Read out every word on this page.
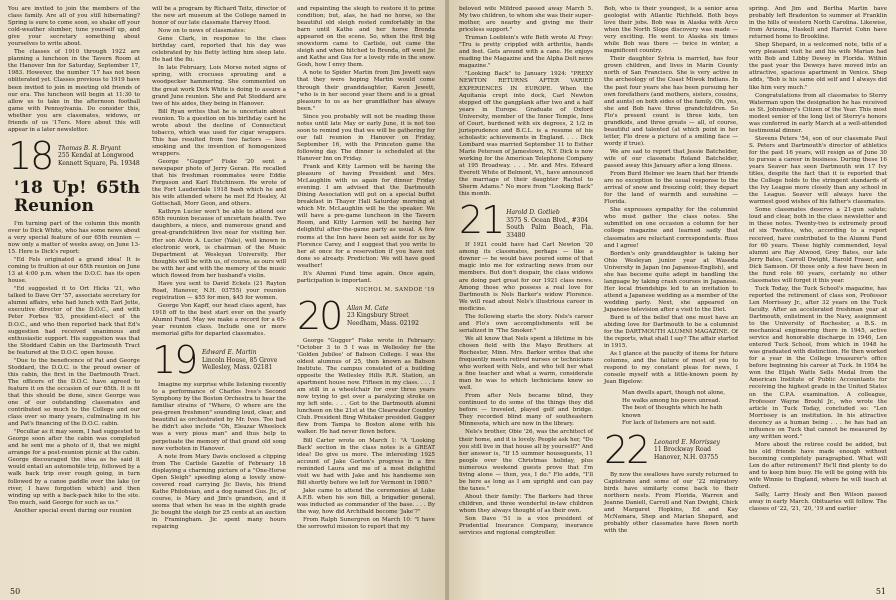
You are invited to join the members of the class family. Are all of you still hibernating? Spring is sure to come soon, so shake off your cold-weather slumber, tune yourself up, and give your secretary something about yourselves to write about.

The classes of 1910 through 1922 are planning a luncheon in the Tavern Room at the Hanover Inn for Saturday, September 17, 1983. However, the number '17 has not been obliterated yet. Classes previous to 1919 have been invited to join in meeting old friends of our era. The luncheon will begin at 11:30 to allow us to take in the afternoon football game with Pennsylvania. Do consider this, whether you are classmates, widows, or friends of us '17ers. More about this will appear in a later newsletter.

18 Thomas B. R. Bryant
255 Kendal at Longwood
Kennett Square, Pa. 19348
'18 Up! 65th Reunion

I'm turning part of the column this month over to Dick White, who has some news about a very special feature of our 65th reunion — now only a matter of weeks away, on June 13-15. Here is Dick's report:

"Ed Fels originated a grand idea! It is coming to fruition at our 65th reunion on June 13 at 4:00 p.m. when the D.O.C. has its open house.

"Ed suggested it to Ort Hicks '21, who talked to Dave Orr '57, associate secretary for alumni affairs, who had lunch with Earl Jette, executive director of the D.O.C., and with Peter Forbes '83, president-elect of the D.O.C., and who then reported back that Ed's suggestion had received unanimous and enthusiastic support. His suggestion was that the Stoddard Cabin on the Dartmouth Tract be featured at the D.O.C. open house.

"Due to the beneficence of Pat and George Stoddard, the D.O.C. is the proud owner of this cabin, the first in the Dartmouth Tract. The officers of the D.O.C. have agreed to feature it on the occasion of our 65th. It is fit that this should be done, since George was one of our outstanding classmates and contributed so much to the College and our class over so many years, culminating in his and Pat's financing of the D.O.C. cabin.

"Peculiar as it may seem, I had suggested to George soon after the cabin was completed and he sent me a photo of it, that we might arrange for a post-reunion picnic at the cabin. George discouraged the idea as he said it would entail an automobile trip, followed by a walk back trip over rough going, in turn followed by a canoe paddle over the lake (or river, I have forgotten which) and then winding up with a back-pack hike to the site. Too much, said George for such as us."

Another special event during our reunion

will be a program by Richard Teitz, director of the new art museum at the College named in honor of our late classmate Harvey Hood.

Now on to news of classmates:

Gene Clark, in response to the class birthday card, reported that his day was celebrated by his Betty letting him sleep late. He had the flu.

In late February, Lois Morse noted signs of spring, with crocuses sprouting and a woodpecker hammering. She commented on the great work Dick White is doing to assure a grand June reunion. She and Pat Stoddard are two of his aides, they being in Hanover.

Bill Ryan writes that he is uncertain about reunion. To a question on his birthday card he wrote about the decline of Connecticut tobacco, which was used for cigar wrappers. This has resulted from two factors — less smoking and the invention of homogenized wrappers.

George "Gugger" Fiske '20 sent a newspaper photo of Jerry Geran. He recalled that his freshman roommates were Eddie Ferguson and Karl Hutchinson. He wrote of the Fort Lauderdale 1918 bash which he and his wife attended where he met Ed Healey, Al Gottschall, Morr Goon, and others.

Kathryn Lucier won't be able to attend our 65th reunion because of uncertain health. Two daughters, a niece, and numerous grand and great-grandchildren live near for visiting her. Her son Alvin A. Lucier (Yale), well known in electronic work, is chairman of the Music Department at Wesleyan University. Her thoughts will be with us, of course, as ours will be with her and with the memory of the music which flowed from her husband's violin.

Have you sent to David Eckels (21 Rayton Road, Hanover, N.H. 03755) your reunion registration — $55 for men, $45 for women.

George Von Kapff, our head class agent, has 1918 off to the best start ever on the yearly Alumni Fund. May we make a record for a 65-year reunion class. Include one or more memorial gifts for departed classmates.

19 Edward E. Martin
Lincoln House, 85 Grove
Wellesley, Mass. 02181

Imagine my surprise while listening recently to a performance of Charles Ives's Second Symphony by the Boston Orchestra to hear the familiar strains of "Where, O where are the pea-green freshmen" sounding loud, clear, and beautiful as orchestrated by Mr. Ives. Too bad he didn't also include "Oh, Eleazar Wheelock was a very pious man" and thus help to perpetuate the memory of that grand old song now verboten in Hanover.

A note from Mary Davis enclosed a clipping from The Carlisle Gazette of February 18 displaying a charming picture of a "One-Horse Open Sleigh" speeding along a lovely snow-covered road carrying Jic Davis, his friend Kathe Philobsian, and a dog named Gus. Jic, of course, is Mary and Jim's grandson, and it seems that when he was in the eighth grade Jic bought the sleigh for 25 cents at an auction in Framingham. Jic spent many hours repairing

and repainting the sleigh to restore it to prime condition; but, alas, he had no horse, so the beautiful old sleigh rested comfortably in the barn until Kathe and her horse Brenda appeared on the scene. So, when the first big snowstorm came to Carlisle, out came the sleigh and when hitched to Brenda, off went Jic and Kathe and Gus for a lovely ride in the snow. Gosh, how I envy them.

A note to Spider Martin from Jim Jewett says that they were hoping Martin would come through their granddaughter, Karen Jewett, "who is in her second year there and is a great pleasure to us as her grandfather has always been."

Since you probably will not be reading these notes until late May or early June, it is not too soon to remind you that we will be gathering for our fall reunion in Hanover on Friday, September 16, with the Princeton game the following day. The dinner is scheduled at the Hanover Inn on Friday.

Frank and Kitty Larmon will be having the pleasure of having President and Mrs. McLaughlin with us again for dinner Friday evening. I am advised that the Dartmouth Dining Association will put on a special buffet breakfast in Thayer Hall Saturday morning at which Mr. McLaughlin will be the speaker. We will have a pre-game luncheon in the Tavern Room, and Kitty Larmon will be having her delightful after-the-game party as usual. A few rooms at the Inn have been set aside for us by Florence Carey, and I suggest that you write to her at once for a reservation if you have not done so already. Prediction: We will have good weather!

It's Alumni Fund time again. Once again, participation is important.

NICHOL M. SANDOE '19
20 Allan M. Cate
23 Kingsbury Street
Needham, Mass. 02192

George "Gugger" Fiske wrote in February: "October 3 to 5 I was in Wellesley for the 'Golden Jubilee' of Babson College. I was the oldest alumnus of 25, then known as Babson Institute. The campus consisted of a building opposite the Wellesley Hills R.R. Station, an apartment house now. Fifteen in my class. . . . I am still in a wheelchair for over three years now trying to get over a paralyzing stroke on my left side. . . . Got to the Dartmouth alumni luncheon on the 21st at the Clearwater Country Club. President Bing Whitaker presided. Gugger flew from Tampa to Boston alone with his walker. He had never flown before.

Bill Carter wrote on March 1: "A 'Looking Back' section in the class notes is a GREAT idea! Do give us more. The interesting 1925 account of Jake Gorton's progress in a fire reminded Laura and me of a most delightful visit we had with Jake and his handsome son Bill shortly before we left for Vermont in 1980."

Jake came to attend the ceremonies at Luke A.F.B. when his son Bill, a brigadier general, was inducted as commander of the base. . . . By the way, how did Archibald become 'Jake'?"

From Ralph Sunergren on March 10: "I have the sorrowful mission to report that my

50

beloved wife Mildred passed away March 5. My two children, to whom she was their super-mother, are nearby and giving me their priceless support."

Truman Loeblein's wife Beth wrote Al Frey: "Tru is pretty crippled with arthritis, hands and feet. Gets around with a cane. He enjoys reading the Magazine and the Alpha Delt news magazine."

"Looking Back" to January 1924: "PREXY NEWTON RETURNS AFTER VARIED EXPERIENCES IN EUROPE. When the Aquitania crept into dock, Carl Newton stepped off the gangplank after two and a half years in Europe. Graduate of Oxford University, member of the Inner Temple, Inns of Court, burdened with six degrees, 2 1/2 in jurisprudence and B.C.L. is a resume of his scholastic achievements in England. . . . Dick Lombard was married September 11 to Esther Marie Petersen of Jamestown, N.Y. Dick is now working for the American Telephone Company at 195 Broadway. . . . Mr. and Mrs. Edward Everett White of Belmont, Vt., have announced the marriage of their daughter Rachel to Sherm Adams." No more from "Looking Back" this month.

21 Harold D. Gotlieb
3575 S. Ocean Blvd., #304
South Palm Beach, Fla. 33480

If 1921 could have had Carl Newton '20 among its classmates, perhaps — like a downer — he would have poured some of that magic into me for extracting news from our members. But don't despair, the class widows are doing part great for our 1921 class news. Among those who possess a real love for Dartmouth is Nels Barker's widow Florence. We will read about Nels's illustrious career in medicine.

The following starts the story. Nels's career and Flo's own accomplishments will be serialized in "The Smoker."

We all know that Nels spent a lifetime in his chosen field with the Mayo Brothers at Rochester, Minn. Mrs. Barker writes that she frequently meets retired nurses or technicians who worked with Nels, and who tell her what a fine teacher and what a warm, considerate man he was to which technicians knew so well.

From after Nels became blind, they continued to do some of the things they did before — traveled, played golf and bridge. They recorded blind many of southeastern Minnesota, which are now in the library.

Nels's brother, Obie '26, was the architect of their home, and it is lovely. People ask her, "Do you still live in that house all by yourself?" And her answer is, "If 15 summer houseguests, 11 people over the Christmas holiday, plus numerous weekend guests prove that I'm living alone — then, yes, I do." Flo adds, "I'll be here as long as I am upright and can pay the taxes."

About their family: The Barkers had three children, and three wonderful in-law children whom they always thought of as their own.

Son Dave '51 is a vice president of Prudential Insurance Company, insurance services and regional comptroller.

Bob, who is their youngest, is a senior area geologist with Atlantic Richfield. Both boys love their jobs. Bob was in Alaska with Arco when the North Slope discovery was made — very exciting. He went to Alaska six times while Bob was there — twice in winter, a magnificent country.

Their daughter Sylvia is married, has four grown children, and lives in Marin County north of San Francisco. She is very active in the archeology of the Coast Miwok Indians. In the past four years she has been pursuing her own forefathers (and mothers, sisters, cousins, and aunts) on both sides of the family. Oh, yes, she and Bob have three grandchildren. So Flo's present count is three kids, ten grandkids, and three greats — all, of course, beautiful and talented (at which point in her letter, Flo drew a picture of a smiling face — wordy if true).

We are sad to report that Jessie Batchelder, wife of our classmate Roland Batchelder, passed away this January after a long illness.

From Burd Helmer we learn that her friends are no exception to the usual response to the arrival of snow and freezing cold; they depart for the land of warmth and sunshine — Florida.

She expresses sympathy for the columnist who must gather the class notes. She submitted on one occasion a column for her college magazine and learned sadly that classmates are reluctant correspondents. Russ and I agree!

Borden's only granddaughter is taking her Ohio Wesleyan junior year at Waseda University in Japan (no Japanese-English), and she has become quite adept in handling the language by taking crash courses in Japanese. Her local friendships led to an invitation to attend a Japanese wedding as a member of the wedding party. Next, she appeared on Japanese television after a visit to the Diet.

Burd is of the belief that one must have an abiding love for Dartmouth to be a columnist for the DARTMOUTH ALUMNI MAGAZINE. Of the reports, what shall I say? The affair started in 1915.

As I glance at the paucity of items for future columns, and the failure of most of you to respond to my constant pleas for news, I console myself with a little-known poem by Jean Bigelow:

Man dwells apart, though not alone,
He walks among his peers unread.
The best of thoughts which he hath known
For lack of listeners are not said.
22 Leonard E. Morrissey
11 Brockway Road
Hanover, N.H. 03755

By now the swallows have surely returned to Capistrano and some of our '22 migratory birds have similarly come back to their northern nests. From Florida, Warren and Jeanne Daniell, Carroll and Nan Dwight, Chick and Margaret Hopkins, Ed and Kay McNamara, Shep and Marian Shepard, and probably other classmates have flown north with the

spring. And Jim and Bertha Martin have probably left Bradenton to summer at Franklin in the hills of western North Carolina. Likewise, from Arizona, Haskell and Harriet Cohn have returned home to Brookline.

Shep Shepard, in a welcomed note, tells of a very pleasant visit he and his wife Marian had with Bob and Libby Dewey in Florida. Within the past year the Deweys have moved into an attractive, spacious apartment in Venice. Shep adds, "Bob is his same old self and I always did like him very much."

Congratulations from all classmates to Sterry Waterman upon the designation he has received as St. Johnsbury's Citizen of the Year. This most modest senior of the long list of Sterry's honors was conferred in early March at a well-attended testimonial dinner.

Stevens Peters '54, son of our classmate Paul S. Peters and Dartmouth's director of athletics for the past 16 years, will resign as of June 30 to pursue a career in business. During these 16 years Seaver has seen Dartmouth win 17 Ivy titles, despite the fact that it is reported that the College holds to the stringent standards of the Ivy League more closely than any school in the League. Seaver will always have the warmest good wishes of his father's classmates.

Some classmates deserve a 21-gun salute; loud and clear, both in the class newsletter and in these notes. Twenty-two is extremely proud of six Twoites, who, according to a report received, have contributed to the Alumni Fund for 60 years. These highly commended, loyal alumni are Ray Atwood, Grey Bates, our late Jerry Bates, Carroll Dwight, Harold Fraser, and Dick Samson. Of those only a few have been in the fund role 60 years, certainly no other classmates will forget it this year.

Tuck Today, the Tuck School's magazine, has reported the retirement of class son, Professor Len Morrissey Jr., after 32 years on the Tuck faculty. After an accelerated freshman year at Dartmouth, enlistment in the Navy, assignment to the University of Rochester, a B.S. in mechanical engineering there in 1945, active service and honorable discharge in 1946, Len entered Tuck School, from which in 1948 he was graduated with distinction. He then worked for a year in the College treasurer's office before beginning his career at Tuck. In 1954 he won the Elijah Watts Sells Medal from the American Institute of Public Accountants for receiving the highest grade in the United States on the C.P.A. examination. A colleague, Professor Wayne Broehl Jr., who wrote the article in Tuck Today, concluded so: "Len Morrissey is an institution. In his attractive decency as a human being . . . he has had an influence on Tuck that cannot be measured by any written word."

More about the retiree could be added, but his old friends have made enough without becoming completely paragraphed. What will Len do after retirement? He'll find plenty to do and to keep him busy. He will be going with his wife Winnie to England, where he will teach at Oxford.

Sally, Larry Healy and Ben Wilson passed away in early March. Obituaries will follow. The classes of '22, '21, '20, '19 and earlier

51
